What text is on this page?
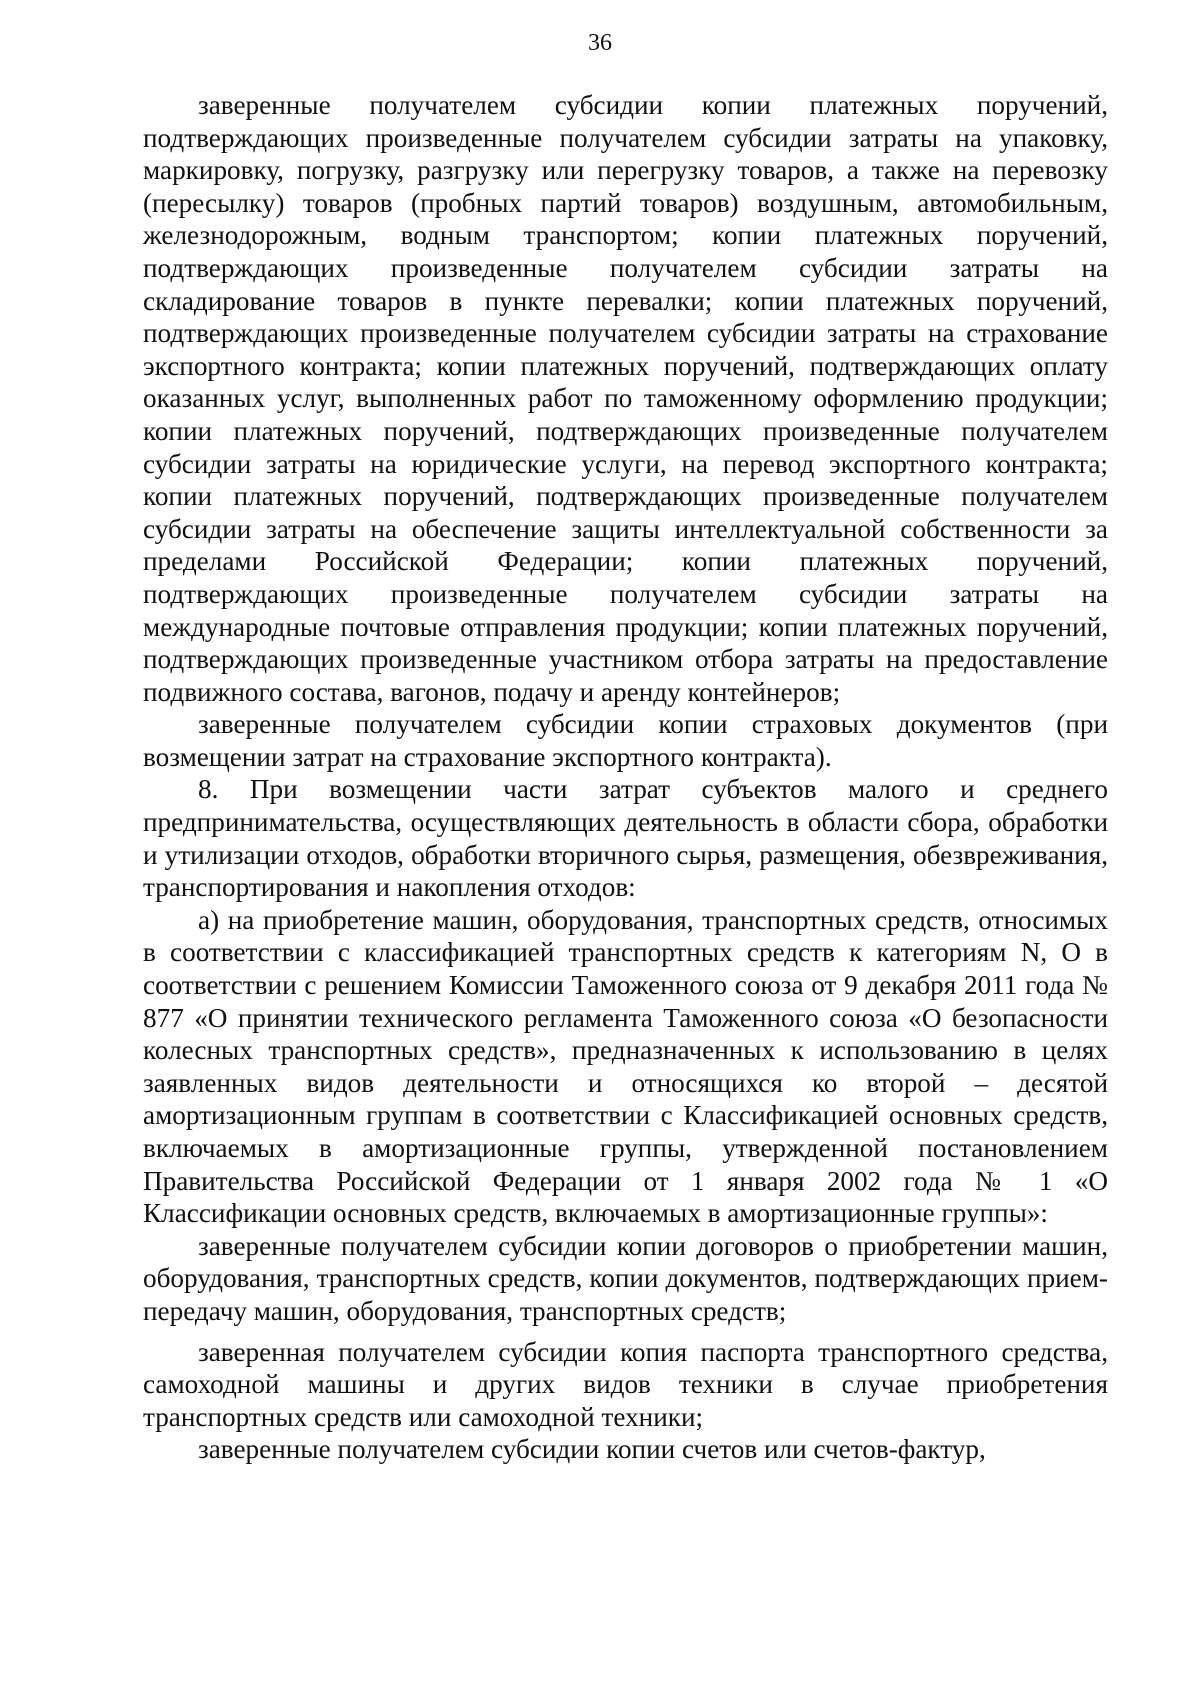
36

заверенные получателем субсидии копии платежных поручений, подтверждающих произведенные получателем субсидии затраты на упаковку, маркировку, погрузку, разгрузку или перегрузку товаров, а также на перевозку (пересылку) товаров (пробных партий товаров) воздушным, автомобильным, железнодорожным, водным транспортом; копии платежных поручений, подтверждающих произведенные получателем субсидии затраты на складирование товаров в пункте перевалки; копии платежных поручений, подтверждающих произведенные получателем субсидии затраты на страхование экспортного контракта; копии платежных поручений, подтверждающих оплату оказанных услуг, выполненных работ по таможенному оформлению продукции; копии платежных поручений, подтверждающих произведенные получателем субсидии затраты на юридические услуги, на перевод экспортного контракта; копии платежных поручений, подтверждающих произведенные получателем субсидии затраты на обеспечение защиты интеллектуальной собственности за пределами Российской Федерации; копии платежных поручений, подтверждающих произведенные получателем субсидии затраты на международные почтовые отправления продукции; копии платежных поручений, подтверждающих произведенные участником отбора затраты на предоставление подвижного состава, вагонов, подачу и аренду контейнеров;

заверенные получателем субсидии копии страховых документов (при возмещении затрат на страхование экспортного контракта).

8. При возмещении части затрат субъектов малого и среднего предпринимательства, осуществляющих деятельность в области сбора, обработки и утилизации отходов, обработки вторичного сырья, размещения, обезвреживания, транспортирования и накопления отходов:

а) на приобретение машин, оборудования, транспортных средств, относимых в соответствии с классификацией транспортных средств к категориям N, O в соответствии с решением Комиссии Таможенного союза от 9 декабря 2011 года № 877 «О принятии технического регламента Таможенного союза «О безопасности колесных транспортных средств», предназначенных к использованию в целях заявленных видов деятельности и относящихся ко второй – десятой амортизационным группам в соответствии с Классификацией основных средств, включаемых в амортизационные группы, утвержденной постановлением Правительства Российской Федерации от 1 января 2002 года № 1 «О Классификации основных средств, включаемых в амортизационные группы»:

заверенные получателем субсидии копии договоров о приобретении машин, оборудования, транспортных средств, копии документов, подтверждающих прием-передачу машин, оборудования, транспортных средств;

заверенная получателем субсидии копия паспорта транспортного средства, самоходной машины и других видов техники в случае приобретения транспортных средств или самоходной техники;

заверенные получателем субсидии копии счетов или счетов-фактур,
